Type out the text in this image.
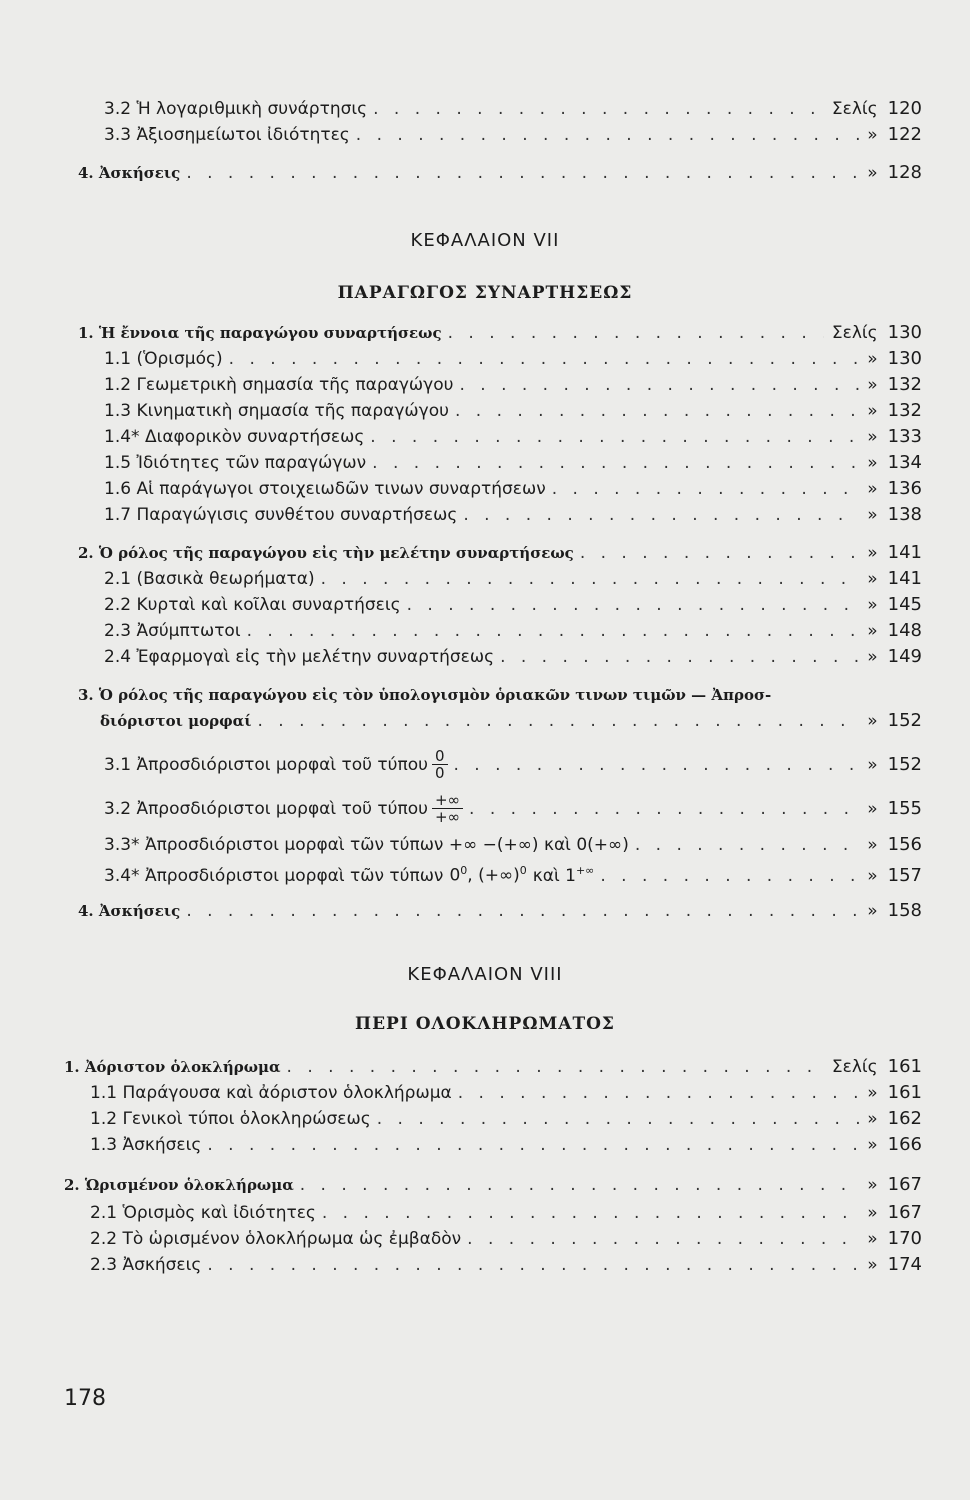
3.2 Ἡ λογαριθμικὴ συνάρτησις . . .	Σελίς 120
3.3 Ἀξιοσημείωτοι ἰδιότητες . . .	» 122
4. Ἀσκήσεις . . .	» 128
ΚΕΦΑΛΑΙΟΝ VII
ΠΑΡΑΓΩΓΟΣ ΣΥΝΑΡΤΗΣΕΩΣ
1. Ἡ ἔννοια τῆς παραγώγου συναρτήσεως . . .	Σελίς 130
1.1 (Ὁρισμός) . . .	» 130
1.2 Γεωμετρικὴ σημασία τῆς παραγώγου . . .	» 132
1.3 Κινηματικὴ σημασία τῆς παραγώγου . . .	» 132
1.4* Διαφορικὸν συναρτήσεως . . .	» 133
1.5 Ἰδιότητες τῶν παραγώγων . . .	» 134
1.6 Αἱ παράγωγοι στοιχειωδῶν τινων συναρτήσεων . . .	» 136
1.7 Παραγώγισις συνθέτου συναρτήσεως . . .	» 138
2. Ὁ ρόλος τῆς παραγώγου εἰς τὴν μελέτην συναρτήσεως . . .	» 141
2.1 (Βασικὰ θεωρήματα) . . .	» 141
2.2 Κυρταὶ καὶ κοῖλαι συναρτήσεις . . .	» 145
2.3 Ἀσύμπτωτοι . . .	» 148
2.4 Ἐφαρμογαὶ εἰς τὴν μελέτην συναρτήσεως . . .	» 149
3. Ὁ ρόλος τῆς παραγώγου εἰς τὸν ὑπολογισμὸν ὁριακῶν τινων τιμῶν — Ἀπροσ-
διόριστοι μορφαί . . .	» 152
3.1 Ἀπροσδιόριστοι μορφαὶ τοῦ τύπου $\frac{0}{0}$ . . .	» 152
3.2 Ἀπροσδιόριστοι μορφαὶ τοῦ τύπου $\frac{+\infty}{+\infty}$ . . .	» 155
3.3* Ἀπροσδιόριστοι μορφαὶ τῶν τύπων +∞ −(+∞) καὶ 0(+∞) . . .	» 156
3.4* Ἀπροσδιόριστοι μορφαὶ τῶν τύπων $0^0$, (+∞)$^0$ καὶ 1+∞ . . .	» 157
4. Ἀσκήσεις . . .	» 158
ΚΕΦΑΛΑΙΟΝ VIII
ΠΕΡΙ ΟΛΟΚΛΗΡΩΜΑΤΟΣ
1. Ἀόριστον ὁλοκλήρωμα . . .	Σελίς 161
1.1 Παράγουσα καὶ ἀόριστον ὁλοκλήρωμα . . .	» 161
1.2 Γενικοὶ τύποι ὁλοκληρώσεως . . .	» 162
1.3 Ἀσκήσεις . . .	» 166
2. Ὡρισμένον ὁλοκλήρωμα . . .	» 167
2.1 Ὁρισμὸς καὶ ἰδιότητες . . .	» 167
2.2 Τὸ ὡρισμένον ὁλοκλήρωμα ὡς ἐμβαδὸν . . .	» 170
2.3 Ἀσκήσεις . . .	» 174
178
